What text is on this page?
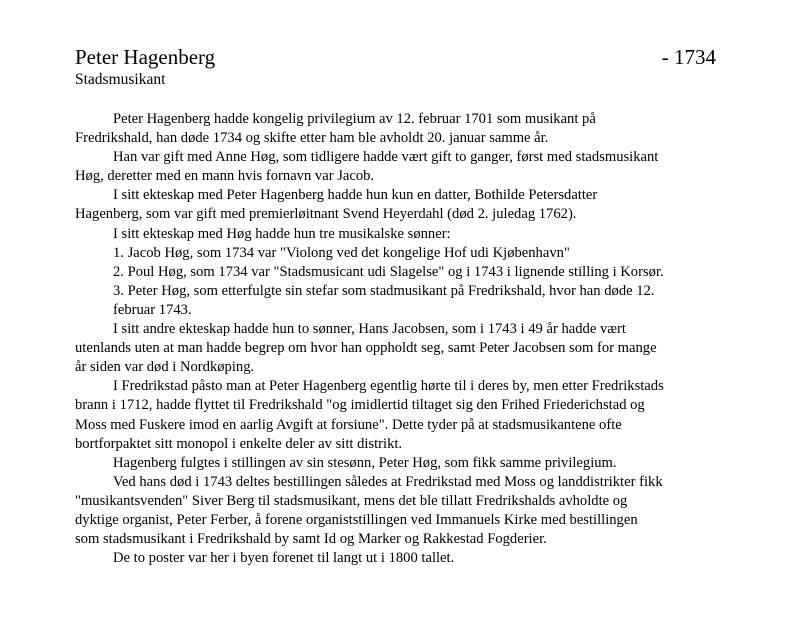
Peter Hagenberg	- 1734
Stadsmusikant
Peter Hagenberg hadde kongelig privilegium av 12. februar 1701 som musikant på
Fredrikshald, han døde 1734 og skifte etter ham ble avholdt 20. januar samme år.
Han var gift med Anne Høg, som tidligere hadde vært gift to ganger, først med stadsmusikant
Høg, deretter med en mann hvis fornavn var Jacob.
I sitt ekteskap med Peter Hagenberg hadde hun kun en datter, Bothilde Petersdatter
Hagenberg, som var gift med premierløitnant Svend Heyerdahl (død 2. juledag 1762).
I sitt ekteskap med Høg hadde hun tre musikalske sønner:
1. Jacob Høg, som 1734 var "Violong ved det kongelige Hof udi Kjøbenhavn"
2. Poul Høg, som 1734 var "Stadsmusicant udi Slagelse" og i 1743 i lignende stilling i Korsør.
3. Peter Høg, som etterfulgte sin stefar som stadmusikant på Fredrikshald, hvor han døde 12.
februar 1743.
I sitt andre ekteskap hadde hun to sønner, Hans Jacobsen, som i 1743 i 49 år hadde vært
utenlands uten at man hadde begrep om hvor han oppholdt seg, samt Peter Jacobsen som for mange
år siden var død i Nordkøping.
I Fredrikstad påsto man at Peter Hagenberg egentlig hørte til i deres by, men etter Fredrikstads
brann i 1712, hadde flyttet til Fredrikshald "og imidlertid tiltaget sig den Frihed Friederichstad og
Moss med Fuskere imod en aarlig Avgift at forsiune". Dette tyder på at stadsmusikantene ofte
bortforpaktet sitt monopol i enkelte deler av sitt distrikt.
Hagenberg fulgtes i stillingen av sin stesønn, Peter Høg, som fikk samme privilegium.
Ved hans død i 1743 deltes bestillingen således at Fredrikstad med Moss og landdistrikter fikk
"musikantsvenden" Siver Berg til stadsmusikant, mens det ble tillatt Fredrikshalds avholdte og
dyktige organist, Peter Ferber, å forene organiststillingen ved Immanuels Kirke med bestillingen
som stadsmusikant i Fredrikshald by samt Id og Marker og Rakkestad Fogderier.
De to poster var her i byen forenet til langt ut i 1800 tallet.
